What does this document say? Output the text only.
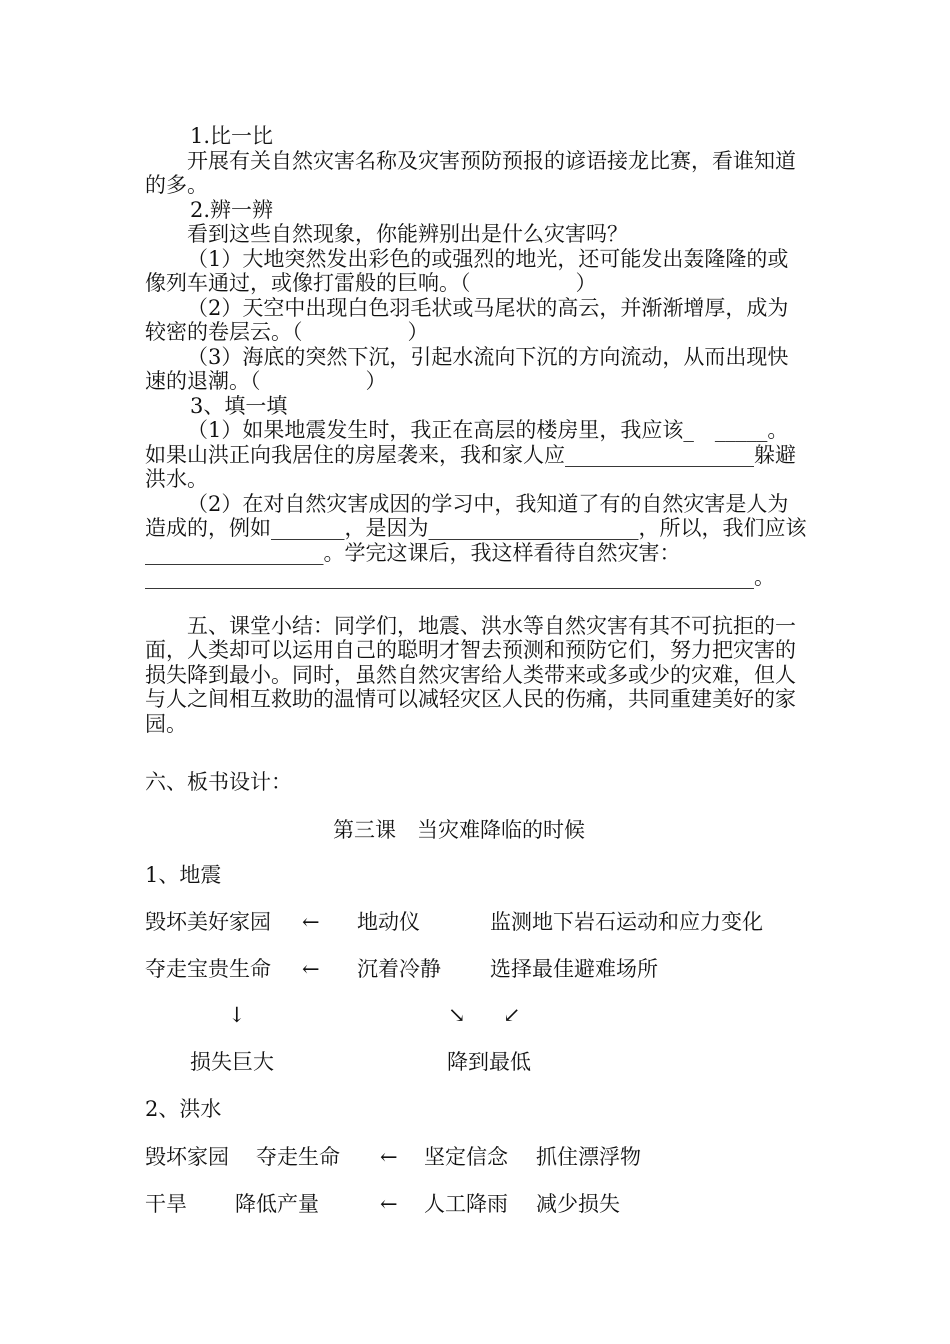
1.比一比

开展有关自然灾害名称及灾害预防预报的谚语接龙比赛，看谁知道的多。

2.辨一辨

看到这些自然现象，你能辨别出是什么灾害吗？

（1）大地突然发出彩色的或强烈的地光，还可能发出轰隆隆的或像列车通过，或像打雷般的巨响。（　　　　　）

（2）天空中出现白色羽毛状或马尾状的高云，并渐渐增厚，成为较密的卷层云。（　　　　　）

（3）海底的突然下沉，引起水流向下沉的方向流动，从而出现快速的退潮。（　　　　　）

3、填一填

（1）如果地震发生时，我正在高层的楼房里，我应该_　_____。如果山洪正向我居住的房屋袭来，我和家人应__________________躲避洪水。

（2）在对自然灾害成因的学习中，我知道了有的自然灾害是人为造成的，例如_______，是因为____________________，所以，我们应该_________________。学完这课后，我这样看待自然灾害：__________________________________________________________。

五、课堂小结：同学们，地震、洪水等自然灾害有其不可抗拒的一面，人类却可以运用自己的聪明才智去预测和预防它们，努力把灾害的损失降到最小。同时，虽然自然灾害给人类带来或多或少的灾难，但人与人之间相互救助的温情可以减轻灾区人民的伤痛，共同重建美好的家园。

六、板书设计：
第三课　当灾难降临的时候
1、地震
毁坏美好家园 ← 地动仪	监测地下岩石运动和应力变化
夺走宝贵生命 ← 沉着冷静 选择最佳避难场所
↓	↘ ↙
损失巨大	降到最低
2、洪水
毁坏家园 夺走生命 ← 坚定信念 抓住漂浮物
干旱 降低产量	← 人工降雨 减少损失
